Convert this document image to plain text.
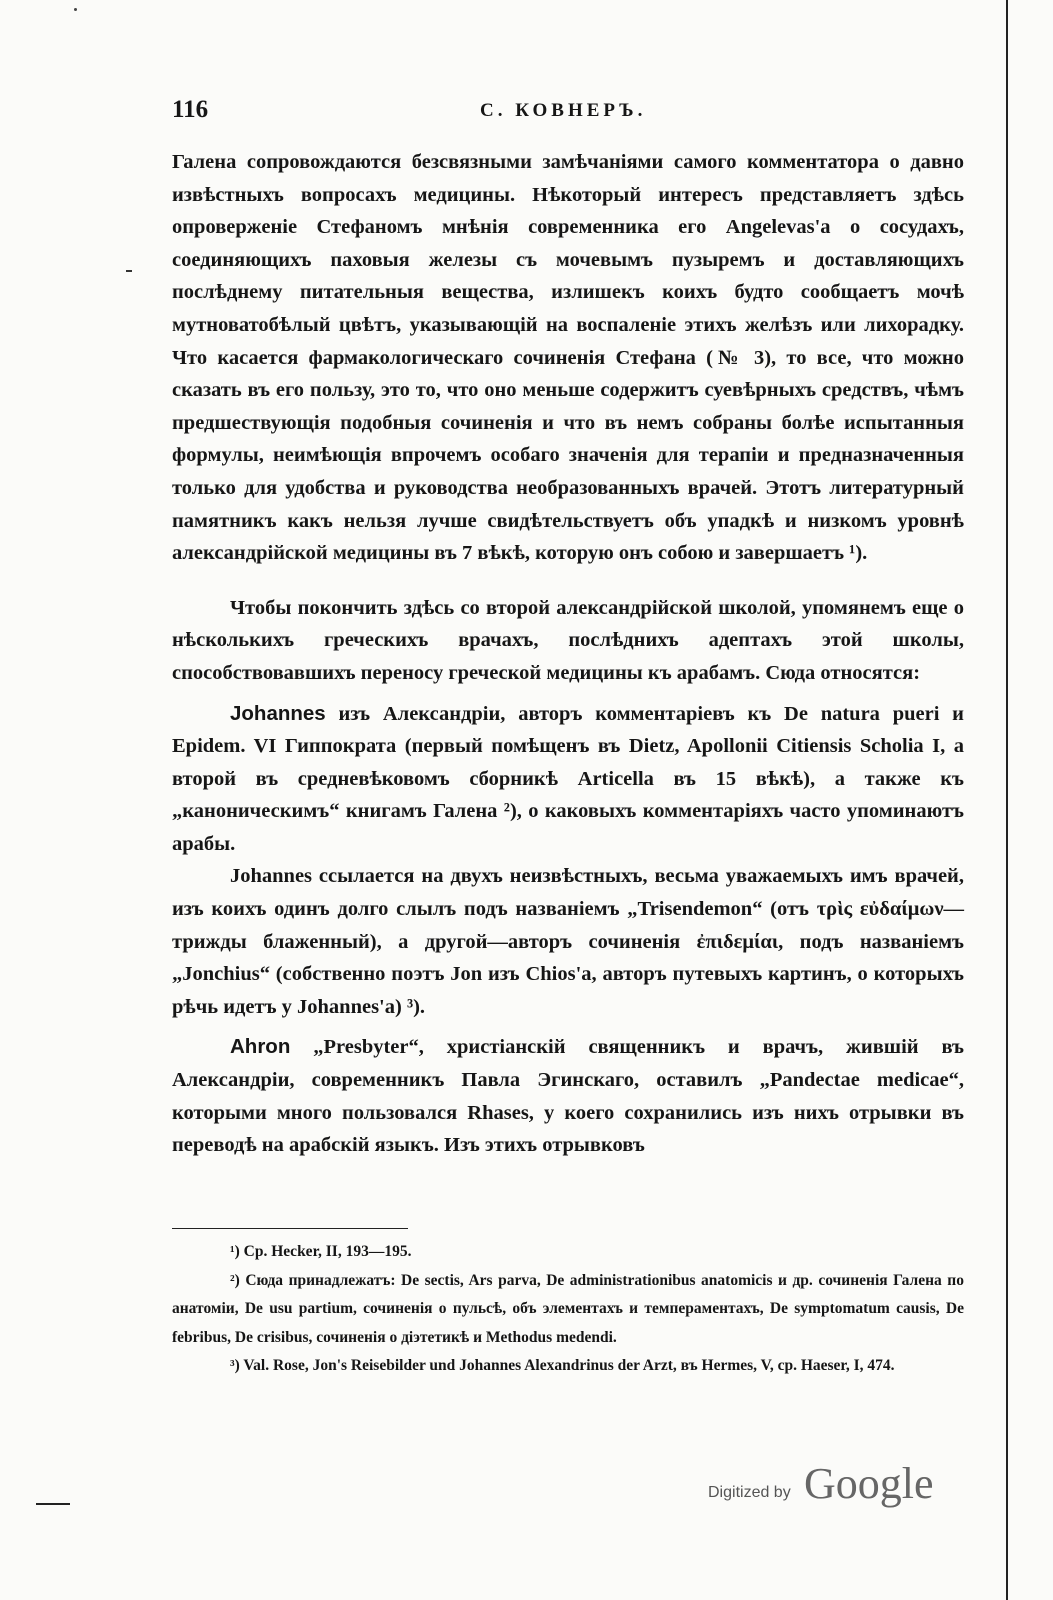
116	С. КОВНЕРЪ.

Галена сопровождаются безсвязными замѣчаніями самого комментатора о давно извѣстныхъ вопросахъ медицины. Нѣкоторый интересъ представляетъ здѣсь опроверженіе Стефаномъ мнѣнія современника его Angelevas'а о сосудахъ, соединяющихъ паховыя железы съ мочевымъ пузыремъ и доставляющихъ послѣднему питательныя вещества, излишекъ коихъ будто сообщаетъ мочѣ мутноватобѣлый цвѣтъ, указывающій на воспаленіе этихъ желѣзъ или лихорадку. Что касается фармакологическаго сочиненія Стефана (№ 3), то все, что можно сказать въ его пользу, это то, что оно меньше содержитъ суевѣрныхъ средствъ, чѣмъ предшествующія подобныя сочиненія и что въ немъ собраны болѣе испытанныя формулы, неимѣющія впрочемъ особаго значенія для терапіи и предназначенныя только для удобства и руководства необразованныхъ врачей. Этотъ литературный памятникъ какъ нельзя лучше свидѣтельствуетъ объ упадкѣ и низкомъ уровнѣ александрійской медицины въ 7 вѣкѣ, которую онъ собою и завершаетъ ¹).

Чтобы покончить здѣсь со второй александрійской школой, упомянемъ еще о нѣсколькихъ греческихъ врачахъ, послѣднихъ адептахъ этой школы, способствовавшихъ переносу греческой медицины къ арабамъ. Сюда относятся:

Johannes изъ Александріи, авторъ комментаріевъ къ De natura pueri и Epidem. VI Гиппократа (первый помѣщенъ въ Dietz, Apollonii Citiensis Scholia I, а второй въ средневѣковомъ сборникѣ Articella въ 15 вѣкѣ), а также къ „каноническимъ“ книгамъ Галена ²), о каковыхъ комментаріяхъ часто упоминаютъ арабы.

Johannes ссылается на двухъ неизвѣстныхъ, весьма уважаемыхъ имъ врачей, изъ коихъ одинъ долго слылъ подъ названіемъ „Trisendemon“ (отъ τρὶς εὐδαίμων—трижды блаженный), а другой—авторъ сочиненія ἐπιδεμίαι, подъ названіемъ „Jonchius“ (собственно поэтъ Jon изъ Chios'а, авторъ путевыхъ картинъ, о которыхъ рѣчь идетъ у Johannes'а) ³).

Ahron „Presbyter“, христіанскій священникъ и врачъ, жившій въ Александріи, современникъ Павла Эгинскаго, оставилъ „Pandectae medicae“, которыми много пользовался Rhases, у коего сохранились изъ нихъ отрывки въ переводѣ на арабскій языкъ. Изъ этихъ отрывковъ

¹) Ср. Hecker, II, 193—195.

²) Сюда принадлежатъ: De sectis, Ars parva, De administrationibus anatomicis и др. сочиненія Галена по анатоміи, De usu partium, сочиненія о пульсѣ, объ элементахъ и темпераментахъ, De symptomatum causis, De febribus, De crisibus, сочиненія о діэтетикѣ и Methodus medendi.

³) Val. Rose, Jon's Reisebilder und Johannes Alexandrinus der Arzt, въ Hermes, V, ср. Haeser, I, 474.

Digitized by Google
